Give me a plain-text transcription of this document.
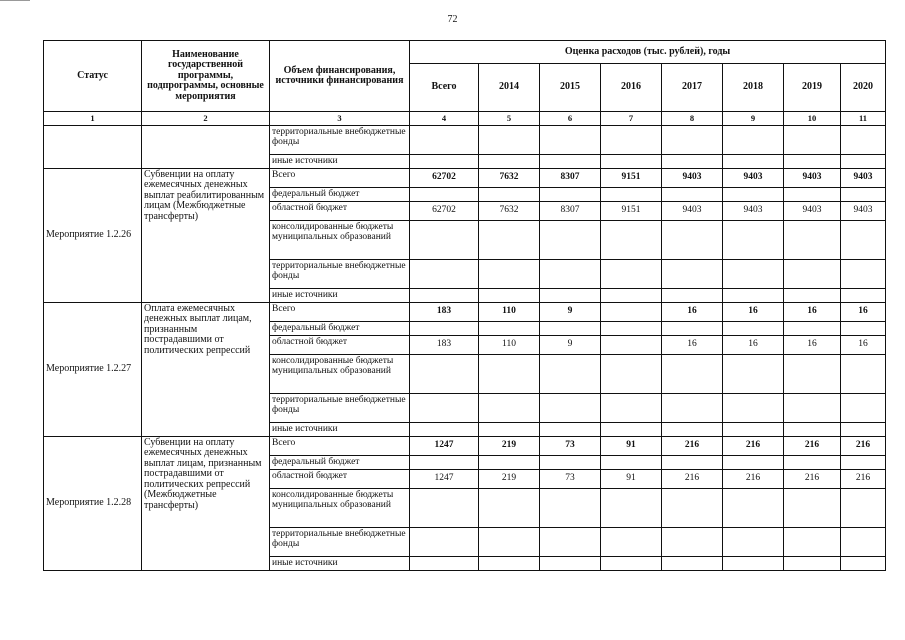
72
Статус	Наименование государственной программы, подпрограммы, основные мероприятия	Объем финансирования, источники финансирования	Оценка расходов (тыс. рублей), годы							
			Всего	2014	2015	2016	2017	2018	2019	2020
1	2	3	4	5	6	7	8	9	10	11
		территориальные внебюджетные фонды								
		иные источники								
Мероприятие 1.2.26	Субвенции на оплату ежемесячных денежных выплат реабилитированным лицам (Межбюджетные трансферты)	Всего	62702	7632	8307	9151	9403	9403	9403	9403
		федеральный бюджет								
		областной бюджет	62702	7632	8307	9151	9403	9403	9403	9403
		консолидированные бюджеты муниципальных образований								
		территориальные внебюджетные фонды								
		иные источники								
Мероприятие 1.2.27	Оплата ежемесячных денежных выплат лицам, признанным пострадавшими от политических репрессий	Всего	183	110	9		16	16	16	16
		федеральный бюджет								
		областной бюджет	183	110	9		16	16	16	16
		консолидированные бюджеты муниципальных образований								
		территориальные внебюджетные фонды								
		иные источники								
Мероприятие 1.2.28	Субвенции на оплату ежемесячных денежных выплат лицам, признанным пострадавшими от политических репрессий (Межбюджетные трансферты)	Всего	1247	219	73	91	216	216	216	216
		федеральный бюджет								
		областной бюджет	1247	219	73	91	216	216	216	216
		консолидированные бюджеты муниципальных образований								
		территориальные внебюджетные фонды								
		иные источники								
